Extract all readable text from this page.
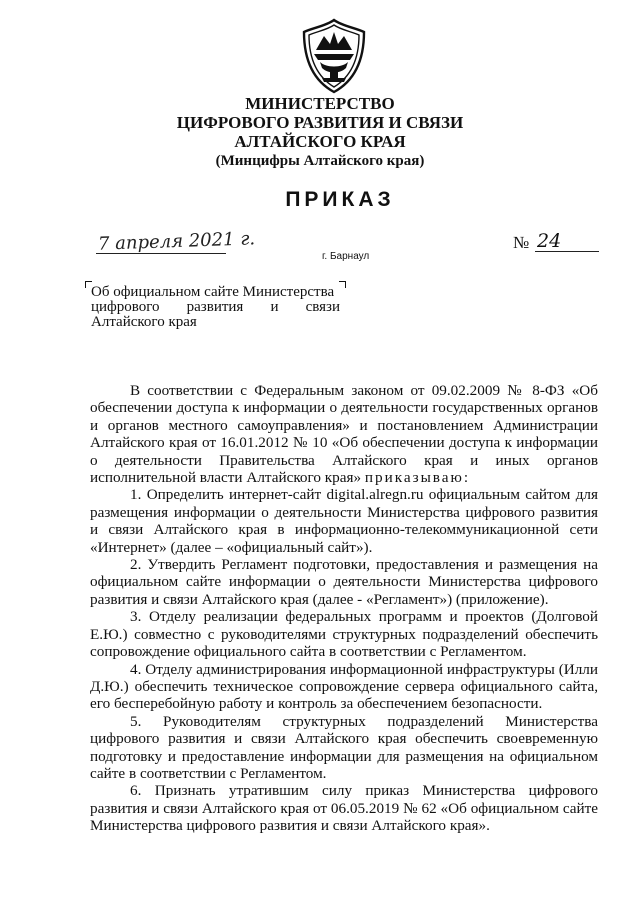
МИНИСТЕРСТВО
ЦИФРОВОГО РАЗВИТИЯ И СВЯЗИ
АЛТАЙСКОГО КРАЯ
(Минцифры Алтайского края)
ПРИКАЗ
7 апреля 2021 г.	№ 24
г. Барнаул
Об официальном сайте Министерства
цифрового развития и связи
Алтайского края

В соответствии с Федеральным законом от 09.02.2009 № 8-ФЗ «Об обеспечении доступа к информации о деятельности государственных органов и органов местного самоуправления» и постановлением Администрации Алтайского края от 16.01.2012 № 10 «Об обеспечении доступа к информации о деятельности Правительства Алтайского края и иных органов исполнительной власти Алтайского края» приказываю:

1. Определить интернет-сайт digital.alregn.ru официальным сайтом для размещения информации о деятельности Министерства цифрового развития и связи Алтайского края в информационно-телекоммуникационной сети «Интернет» (далее – «официальный сайт»).

2. Утвердить Регламент подготовки, предоставления и размещения на официальном сайте информации о деятельности Министерства цифрового развития и связи Алтайского края (далее - «Регламент») (приложение).

3. Отделу реализации федеральных программ и проектов (Долговой Е.Ю.) совместно с руководителями структурных подразделений обеспечить сопровождение официального сайта в соответствии с Регламентом.

4. Отделу администрирования информационной инфраструктуры (Илли Д.Ю.) обеспечить техническое сопровождение сервера официального сайта, его бесперебойную работу и контроль за обеспечением безопасности.

5. Руководителям структурных подразделений Министерства цифрового развития и связи Алтайского края обеспечить своевременную подготовку и предоставление информации для размещения на официальном сайте в соответствии с Регламентом.

6. Признать утратившим силу приказ Министерства цифрового развития и связи Алтайского края от 06.05.2019 № 62 «Об официальном сайте Министерства цифрового развития и связи Алтайского края».
